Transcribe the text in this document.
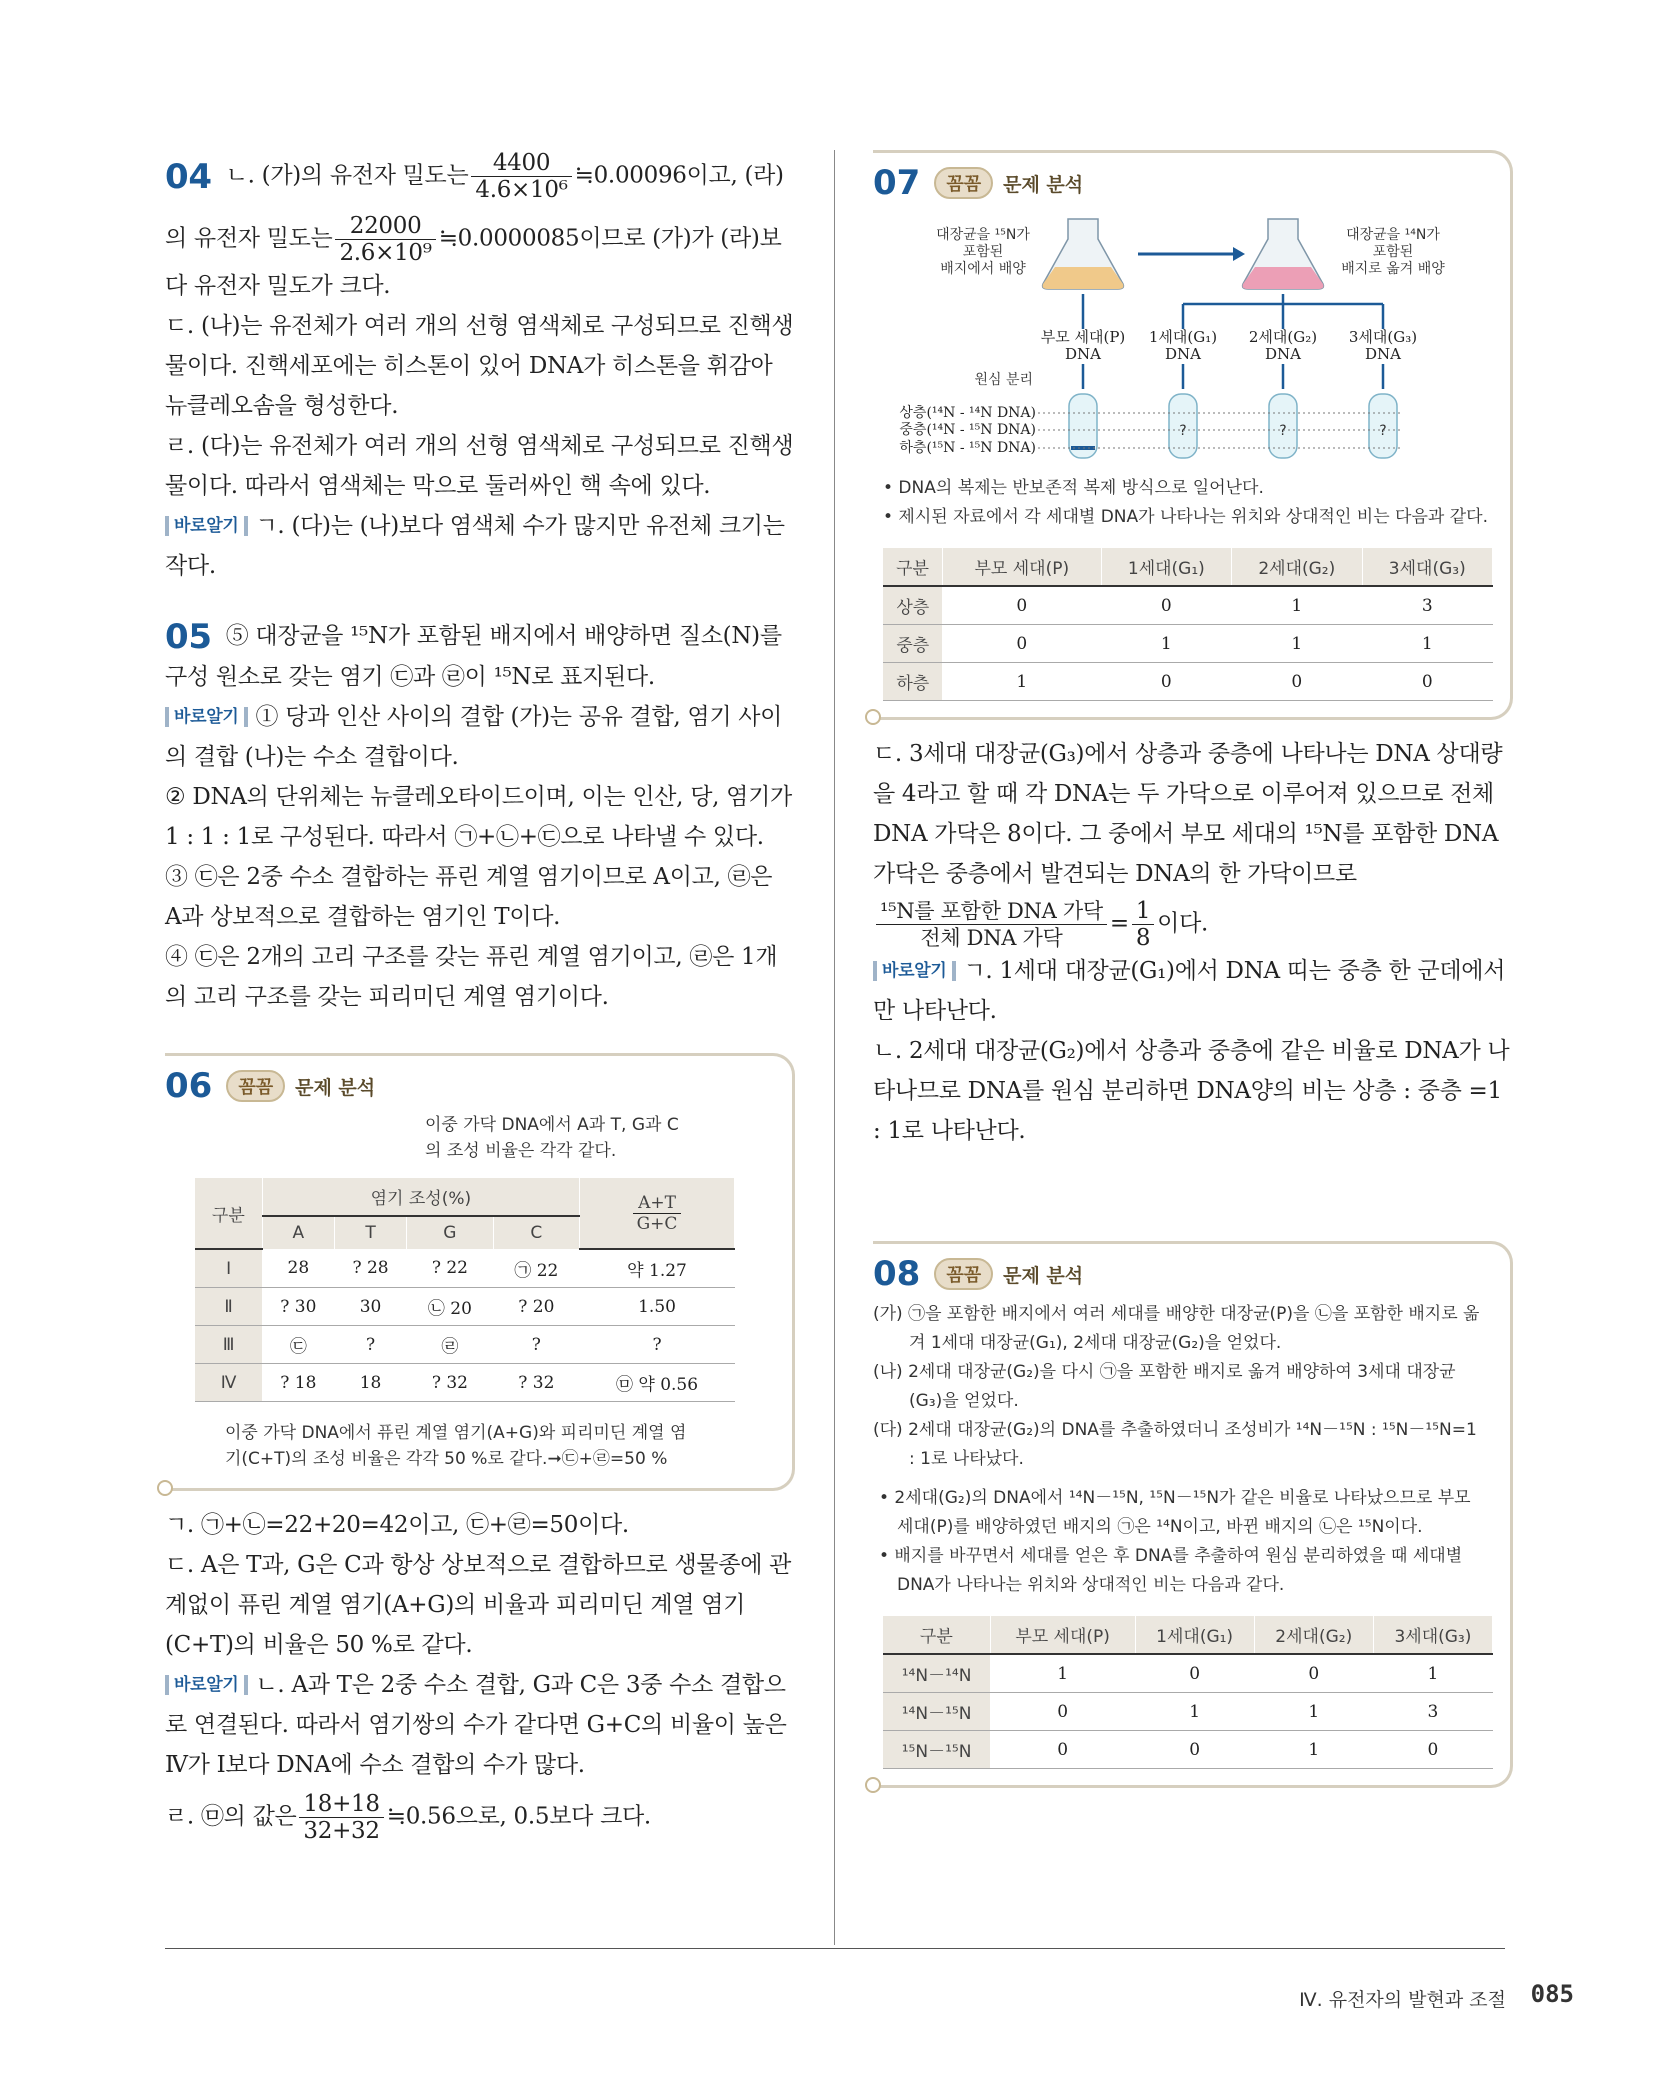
04 ㄴ. (가)의 유전자 밀도는 $\frac{4400}{\text{4.6×10⁶}}$ ≒0.00096이고, (라)

의 유전자 밀도는 $\frac{22000}{\text{2.6×10⁹}}$ ≒0.0000085이므로 (가)가 (라)보

다 유전자 밀도가 크다.

ㄷ. (나)는 유전체가 여러 개의 선형 염색체로 구성되므로 진핵생물이다. 진핵세포에는 히스톤이 있어 DNA가 히스톤을 휘감아 뉴클레오솜을 형성한다.

ㄹ. (다)는 유전체가 여러 개의 선형 염색체로 구성되므로 진핵생물이다. 따라서 염색체는 막으로 둘러싸인 핵 속에 있다.

바로알기 ㄱ. (다)는 (나)보다 염색체 수가 많지만 유전체 크기는 작다.

05 ⑤ 대장균을 ¹⁵N가 포함된 배지에서 배양하면 질소(N)를 구성 원소로 갖는 염기 ㉢과 ㉣이 ¹⁵N로 표지된다.

바로알기 ① 당과 인산 사이의 결합 (가)는 공유 결합, 염기 사이의 결합 (나)는 수소 결합이다.

② DNA의 단위체는 뉴클레오타이드이며, 이는 인산, 당, 염기가 1 : 1 : 1로 구성된다. 따라서 ㉠+㉡+㉢으로 나타낼 수 있다.

③ ㉢은 2중 수소 결합하는 퓨린 계열 염기이므로 A이고, ㉣은 A과 상보적으로 결합하는 염기인 T이다.

④ ㉢은 2개의 고리 구조를 갖는 퓨린 계열 염기이고, ㉣은 1개의 고리 구조를 갖는 피리미딘 계열 염기이다.

06	꼼꼼	문제 분석
이중 가닥 DNA에서 A과 T, G과 C의 조성 비율은 각각 같다.
구분	염기 조성(%)				$\frac{A+T}{G+C}$

	A	T	G	C	
Ⅰ	28	? 28	? 22	㉠ 22	약 1.27
Ⅱ	? 30	30	㉡ 20	? 20	1.50
Ⅲ	㉢	?	㉣	?	?
Ⅳ	? 18	18	? 32	? 32	㉤ 약 0.56
이중 가닥 DNA에서 퓨린 계열 염기(A+G)와 피리미딘 계열 염기(C+T)의 조성 비율은 각각 50 %로 같다.➞㉢+㉣=50 %

ㄱ. ㉠+㉡=22+20=42이고, ㉢+㉣=50이다.

ㄷ. A은 T과, G은 C과 항상 상보적으로 결합하므로 생물종에 관계없이 퓨린 계열 염기(A+G)의 비율과 피리미딘 계열 염기(C+T)의 비율은 50 %로 같다.

바로알기 ㄴ. A과 T은 2중 수소 결합, G과 C은 3중 수소 결합으로 연결된다. 따라서 염기쌍의 수가 같다면 G+C의 비율이 높은 Ⅳ가 Ⅰ보다 DNA에 수소 결합의 수가 많다.

ㄹ. ㉤의 값은 $\frac{18+18}{32+32}$ ≒0.56으로, 0.5보다 크다.

07	꼼꼼	문제 분석
대장균을 ¹⁵N가
포함된
배지에서 배양
대장균을 ¹⁴N가
포함된
배지로 옮겨 배양
부모 세대(P)
DNA
1세대(G₁)
DNA
2세대(G₂)
DNA
3세대(G₃)
DNA
원심 분리
상층(¹⁴N - ¹⁴N DNA)
중층(¹⁴N - ¹⁵N DNA)
하층(¹⁵N - ¹⁵N DNA)
?	?	?
• DNA의 복제는 반보존적 복제 방식으로 일어난다.
• 제시된 자료에서 각 세대별 DNA가 나타나는 위치와 상대적인 비는 다음과 같다.
구분	부모 세대(P)	1세대(G₁)	2세대(G₂)	3세대(G₃)
상층	0	0	1	3
중층	0	1	1	1
하층	1	0	0	0

ㄷ. 3세대 대장균(G₃)에서 상층과 중층에 나타나는 DNA 상대량을 4라고 할 때 각 DNA는 두 가닥으로 이루어져 있으므로 전체 DNA 가닥은 8이다. 그 중에서 부모 세대의 ¹⁵N를 포함한 DNA 가닥은 중층에서 발견되는 DNA의 한 가닥이므로

$\frac{\text{¹⁵N를 포함한 DNA 가닥}}{\text{전체 DNA 가닥}} = \frac{1}{8}$ 이다.

바로알기 ㄱ. 1세대 대장균(G₁)에서 DNA 띠는 중층 한 군데에서만 나타난다.

ㄴ. 2세대 대장균(G₂)에서 상층과 중층에 같은 비율로 DNA가 나타나므로 DNA를 원심 분리하면 DNA양의 비는 상층 : 중층 =1 : 1로 나타난다.

08	꼼꼼	문제 분석
(가) ㉠을 포함한 배지에서 여러 세대를 배양한 대장균(P)을 ㉡을 포함한 배지로 옮겨 1세대 대장균(G₁), 2세대 대장균(G₂)을 얻었다.
(나) 2세대 대장균(G₂)을 다시 ㉠을 포함한 배지로 옮겨 배양하여 3세대 대장균(G₃)을 얻었다.
(다) 2세대 대장균(G₂)의 DNA를 추출하였더니 조성비가 ¹⁴N－¹⁵N : ¹⁵N－¹⁵N=1 : 1로 나타났다.
• 2세대(G₂)의 DNA에서 ¹⁴N－¹⁵N, ¹⁵N－¹⁵N가 같은 비율로 나타났으므로 부모 세대(P)를 배양하였던 배지의 ㉠은 ¹⁴N이고, 바뀐 배지의 ㉡은 ¹⁵N이다.
• 배지를 바꾸면서 세대를 얻은 후 DNA를 추출하여 원심 분리하였을 때 세대별 DNA가 나타나는 위치와 상대적인 비는 다음과 같다.
구분	부모 세대(P)	1세대(G₁)	2세대(G₂)	3세대(G₃)
¹⁴N－¹⁴N	1	0	0	1
¹⁴N－¹⁵N	0	1	1	3
¹⁵N－¹⁵N	0	0	1	0
Ⅳ. 유전자의 발현과 조절 085
